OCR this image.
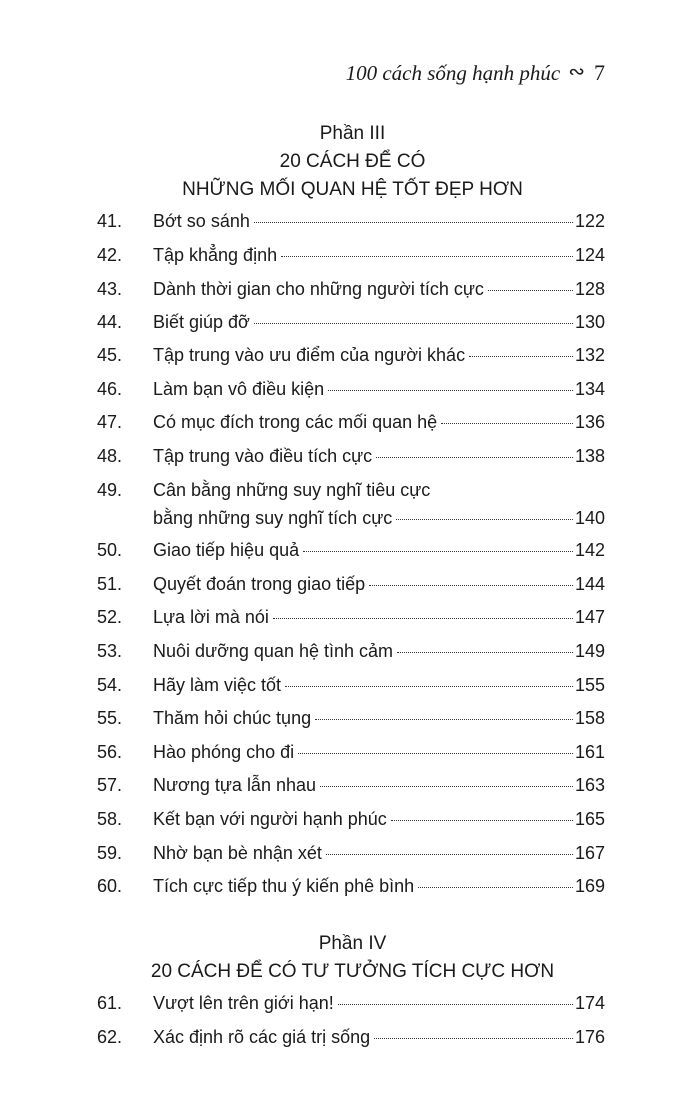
100 cách sống hạnh phúc ∾ 7
Phần III
20 CÁCH ĐỂ CÓ
NHỮNG MỐI QUAN HỆ TỐT ĐẸP HƠN
41. Bớt so sánh	122
42. Tập khẳng định	124
43. Dành thời gian cho những người tích cực	128
44. Biết giúp đỡ	130
45. Tập trung vào ưu điểm của người khác	132
46. Làm bạn vô điều kiện	134
47. Có mục đích trong các mối quan hệ	136
48. Tập trung vào điều tích cực	138
49. Cân bằng những suy nghĩ tiêu cực
bằng những suy nghĩ tích cực	140
50. Giao tiếp hiệu quả	142
51. Quyết đoán trong giao tiếp	144
52. Lựa lời mà nói	147
53. Nuôi dưỡng quan hệ tình cảm	149
54. Hãy làm việc tốt	155
55. Thăm hỏi chúc tụng	158
56. Hào phóng cho đi	161
57. Nương tựa lẫn nhau	163
58. Kết bạn với người hạnh phúc	165
59. Nhờ bạn bè nhận xét	167
60. Tích cực tiếp thu ý kiến phê bình	169
Phần IV
20 CÁCH ĐỂ CÓ TƯ TƯỞNG TÍCH CỰC HƠN
61. Vượt lên trên giới hạn!	174
62. Xác định rõ các giá trị sống	176
